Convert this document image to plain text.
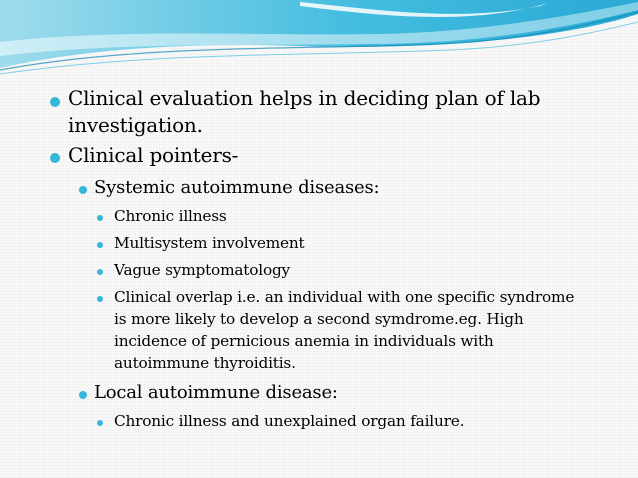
Clinical evaluation helps in deciding plan of lab
investigation.
Clinical pointers-
Systemic autoimmune diseases:
Chronic illness
Multisystem involvement
Vague symptomatology
Clinical overlap i.e. an individual with one specific syndrome
is more likely to develop a second symdrome.eg. High
incidence of pernicious anemia in individuals with
autoimmune thyroiditis.
Local autoimmune disease:
Chronic illness and unexplained organ failure.
